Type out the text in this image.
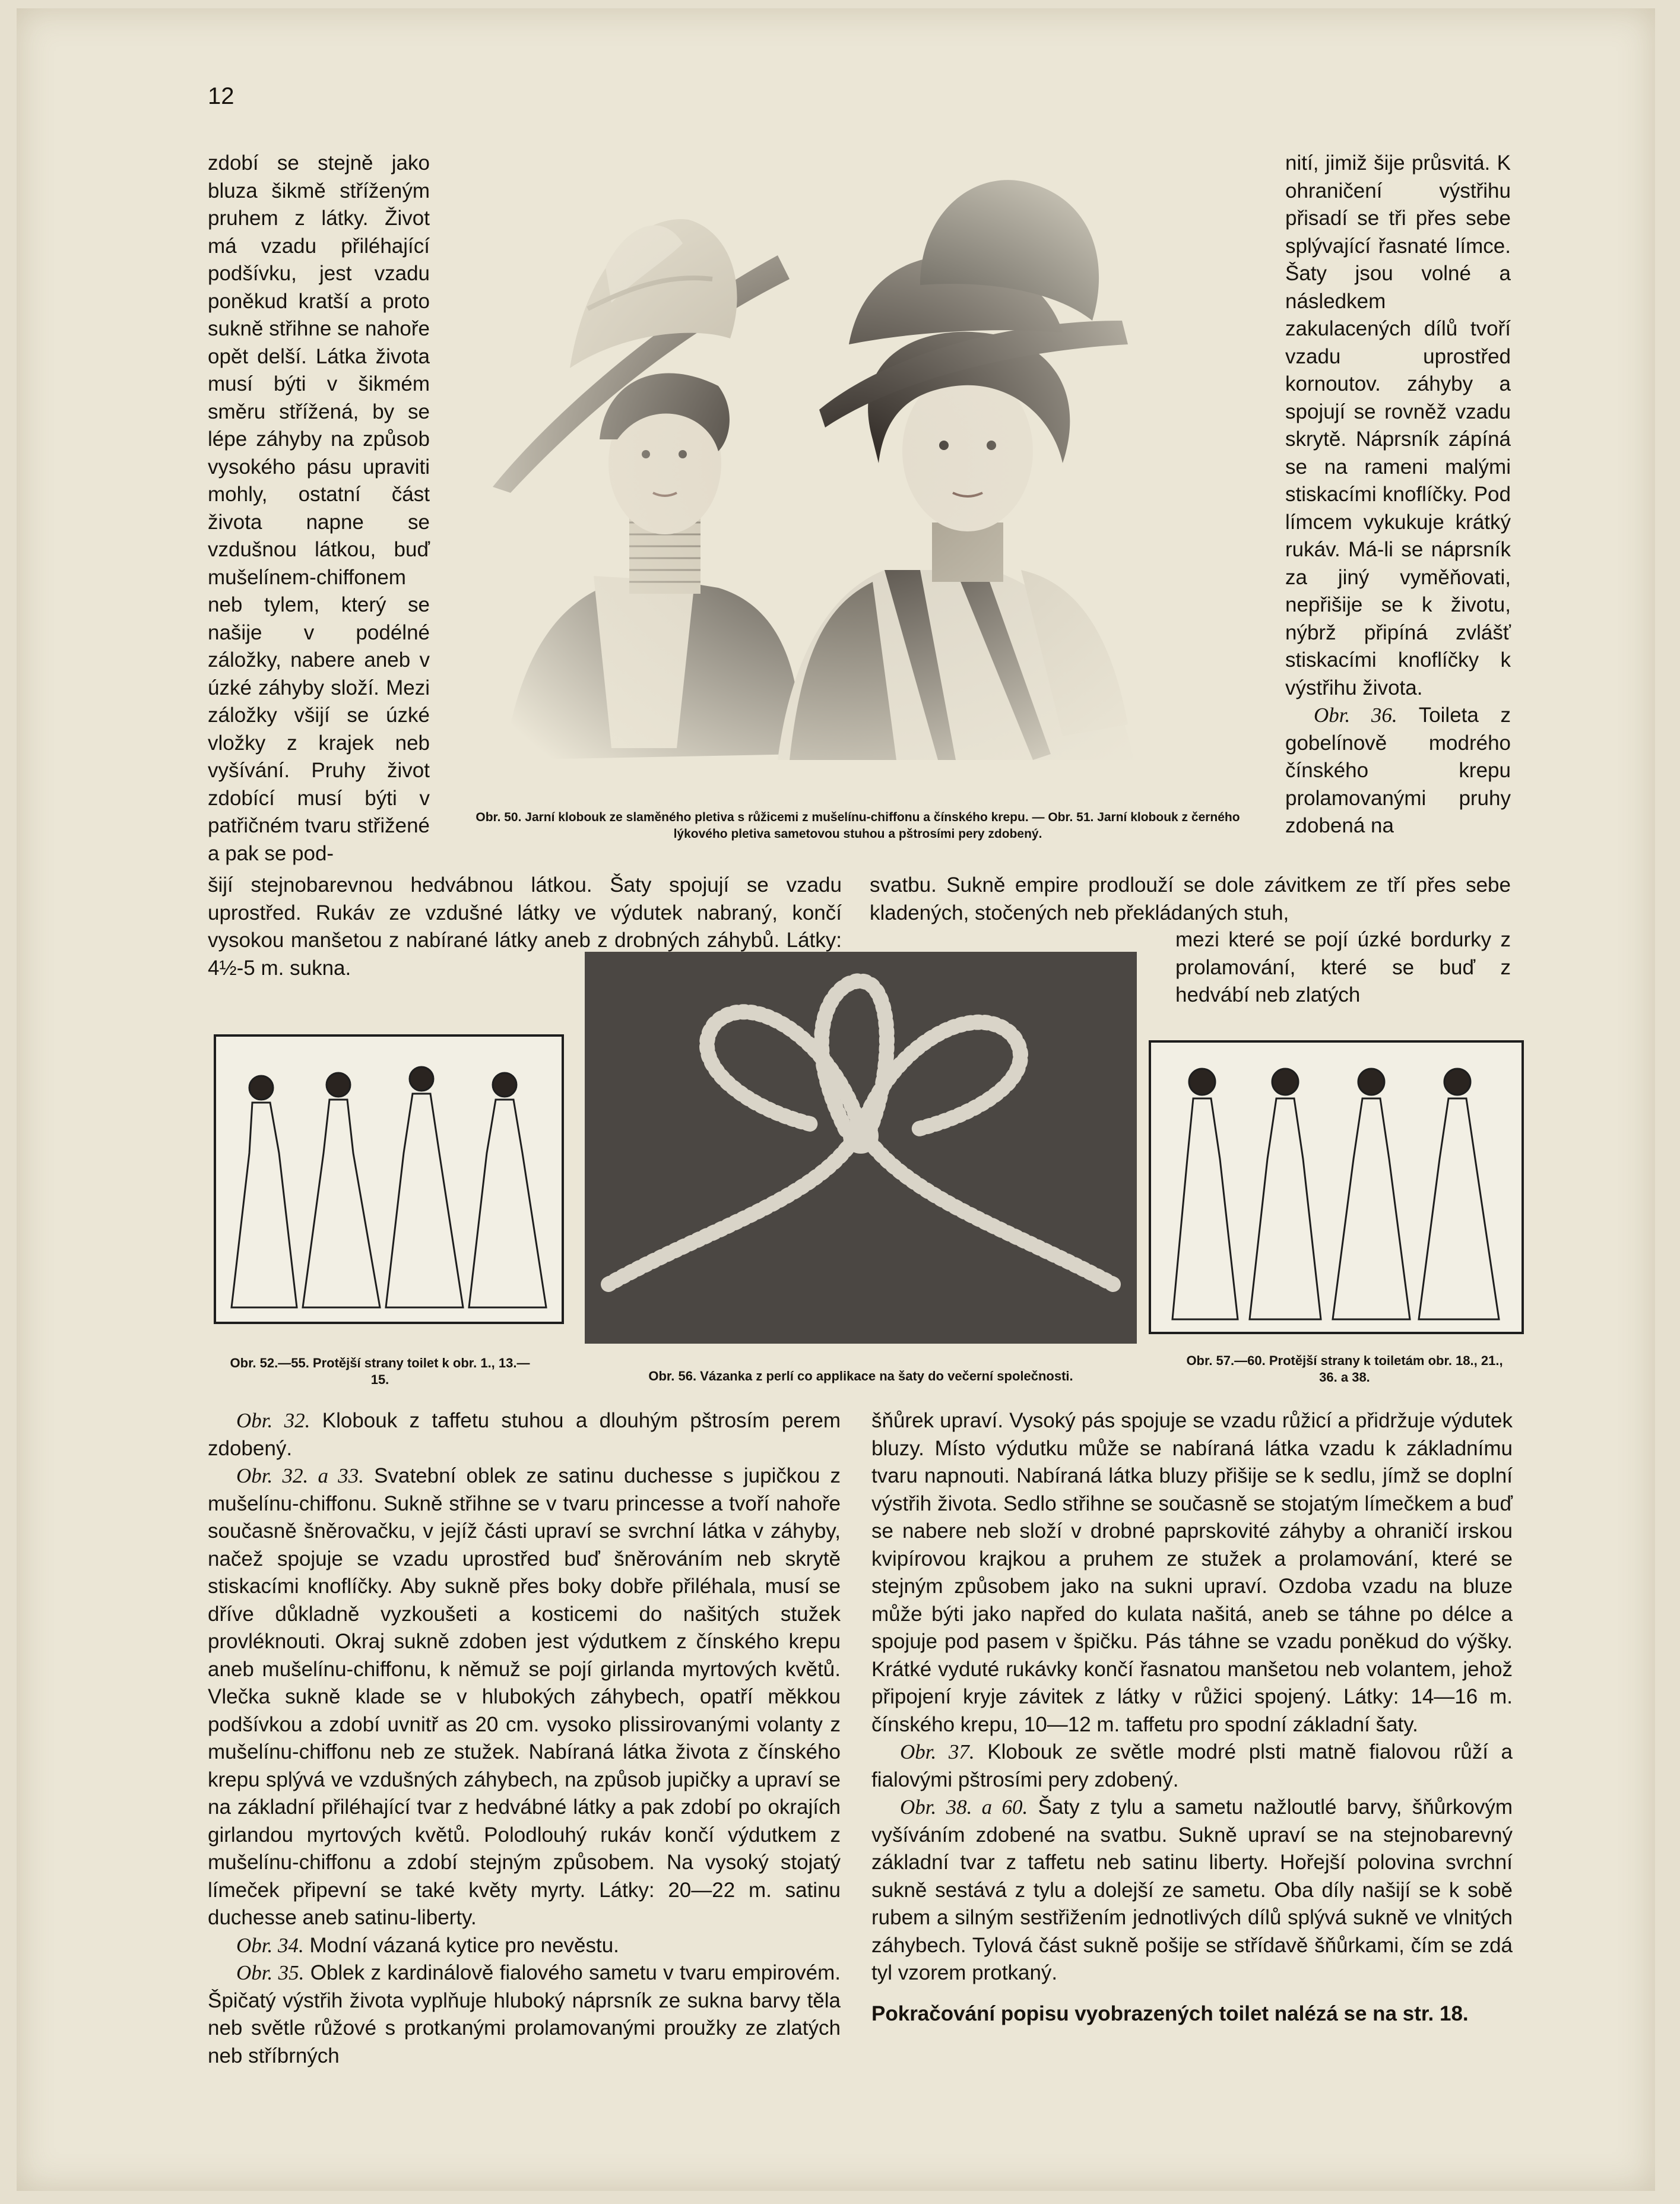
12

zdobí se stejně jako bluza šikmě stříženým pruhem z látky. Život má vzadu přiléhající podšívku, jest vzadu poněkud kratší a proto sukně střihne se nahoře opět delší. Látka života musí býti v šikmém směru střížená, by se lépe záhyby na způsob vysokého pásu upraviti mohly, ostatní část života napne se vzdušnou látkou, buď mušelínem-chiffonem neb tylem, který se našije v podélné záložky, nabere aneb v úzké záhyby složí. Mezi záložky všijí se úzké vložky z krajek neb vyšívání. Pruhy život zdobící musí býti v patřičném tvaru střižené a pak se pod-

nití, jimiž šije průsvitá. K ohraničení výstřihu přisadí se tři přes sebe splývající řasnaté límce. Šaty jsou volné a následkem zakulacených dílů tvoří vzadu uprostřed kornoutov. záhyby a spojují se rovněž vzadu skrytě. Náprsník zápíná se na rameni malými stiskacími knoflíčky. Pod límcem vykukuje krátký rukáv. Má-li se náprsník za jiný vyměňovati, nepřišije se k životu, nýbrž připíná zvlášť stiskacími knoflíčky k výstřihu života.

Obr. 36. Toileta z gobelínově modrého čínského krepu prolamovanými pruhy zdobená na

Obr. 50. Jarní klobouk ze slaměného pletiva s růžicemi z mušelínu-chiffonu a čínského krepu. — Obr. 51. Jarní klobouk z černého lýkového pletiva sametovou stuhou a pštrosími pery zdobený.
šijí stejnobarevnou hedvábnou látkou. Šaty spojují se vzadu uprostřed. Rukáv ze vzdušné látky ve výdutek nabraný, končí vysokou manšetou z nabírané látky aneb z drobných záhybů. Látky: 4½-5 m. sukna.
svatbu. Sukně empire prodlouží se dole závitkem ze tří přes sebe kladených, stočených neb překládaných stuh,
mezi které se pojí úzké bordurky z prolamování, které se buď z hedvábí neb zlatých
Obr. 52.—55. Protější strany toilet k obr. 1., 13.—15.	Obr. 56. Vázanka z perlí co applikace na šaty do večerní společnosti.
Obr. 57.—60. Protější strany k toiletám obr. 18., 21., 36. a 38.

Obr. 32. Klobouk z taffetu stuhou a dlouhým pštrosím perem zdobený.

Obr. 32. a 33. Svatební oblek ze satinu duchesse s jupičkou z mušelínu-chiffonu. Sukně střihne se v tvaru princesse a tvoří nahoře současně šněrovačku, v jejíž části upraví se svrchní látka v záhyby, načež spojuje se vzadu uprostřed buď šněrováním neb skrytě stiskacími knoflíčky. Aby sukně přes boky dobře přiléhala, musí se dříve důkladně vyzkoušeti a kosticemi do našitých stužek provléknouti. Okraj sukně zdoben jest výdutkem z čínského krepu aneb mušelínu-chiffonu, k němuž se pojí girlanda myrtových květů. Vlečka sukně klade se v hlubokých záhybech, opatří měkkou podšívkou a zdobí uvnitř as 20 cm. vysoko plissirovanými volanty z mušelínu-chiffonu neb ze stužek. Nabíraná látka života z čínského krepu splývá ve vzdušných záhybech, na způsob jupičky a upraví se na základní přiléhající tvar z hedvábné látky a pak zdobí po okrajích girlandou myrtových květů. Polodlouhý rukáv končí výdutkem z mušelínu-chiffonu a zdobí stejným způsobem. Na vysoký stojatý límeček připevní se také květy myrty. Látky: 20—22 m. satinu duchesse aneb satinu-liberty.

Obr. 34. Modní vázaná kytice pro nevěstu.

Obr. 35. Oblek z kardinálově fialového sametu v tvaru empirovém. Špičatý výstřih života vyplňuje hluboký náprsník ze sukna barvy těla neb světle růžové s protkanými prolamovanými proužky ze zlatých neb stříbrných

šňůrek upraví. Vysoký pás spojuje se vzadu růžicí a přidržuje výdutek bluzy. Místo výdutku může se nabíraná látka vzadu k základnímu tvaru napnouti. Nabíraná látka bluzy přišije se k sedlu, jímž se doplní výstřih života. Sedlo střihne se současně se stojatým límečkem a buď se nabere neb složí v drobné paprskovité záhyby a ohraničí irskou kvipírovou krajkou a pruhem ze stužek a prolamování, které se stejným způsobem jako na sukni upraví. Ozdoba vzadu na bluze může býti jako napřed do kulata našitá, aneb se táhne po délce a spojuje pod pasem v špičku. Pás táhne se vzadu poněkud do výšky. Krátké vyduté rukávky končí řasnatou manšetou neb volantem, jehož připojení kryje závitek z látky v růžici spojený. Látky: 14—16 m. čínského krepu, 10—12 m. taffetu pro spodní základní šaty.

Obr. 37. Klobouk ze světle modré plsti matně fialovou růží a fialovými pštrosími pery zdobený.

Obr. 38. a 60. Šaty z tylu a sametu nažloutlé barvy, šňůrkovým vyšíváním zdobené na svatbu. Sukně upraví se na stejnobarevný základní tvar z taffetu neb satinu liberty. Hořejší polovina svrchní sukně sestává z tylu a dolejší ze sametu. Oba díly našijí se k sobě rubem a silným sestřižením jednotlivých dílů splývá sukně ve vlnitých záhybech. Tylová část sukně pošije se střídavě šňůrkami, čím se zdá tyl vzorem protkaný.

Pokračování popisu vyobrazených toilet nalézá se na str. 18.
